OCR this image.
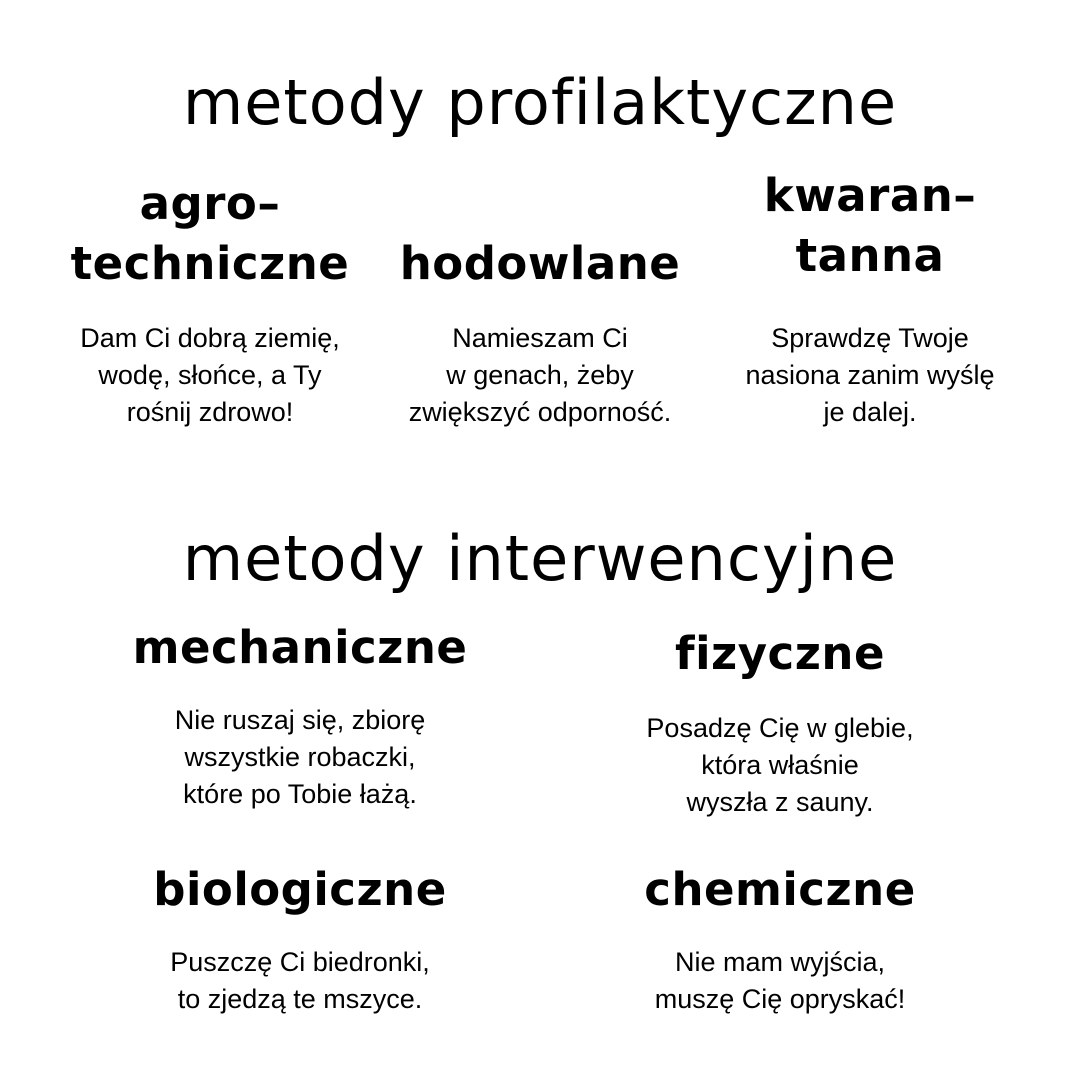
metody profilaktyczne
agro–
techniczne
Dam Ci dobrą ziemię,
wodę, słońce, a Ty
rośnij zdrowo!
hodowlane
Namieszam Ci
w genach, żeby
zwiększyć odporność.
kwaran–
tanna
Sprawdzę Twoje
nasiona zanim wyślę
je dalej.
metody interwencyjne
mechaniczne
Nie ruszaj się, zbiorę
wszystkie robaczki,
które po Tobie łażą.
fizyczne
Posadzę Cię w glebie,
która właśnie
wyszła z sauny.
biologiczne
Puszczę Ci biedronki,
to zjedzą te mszyce.
chemiczne
Nie mam wyjścia,
muszę Cię opryskać!
